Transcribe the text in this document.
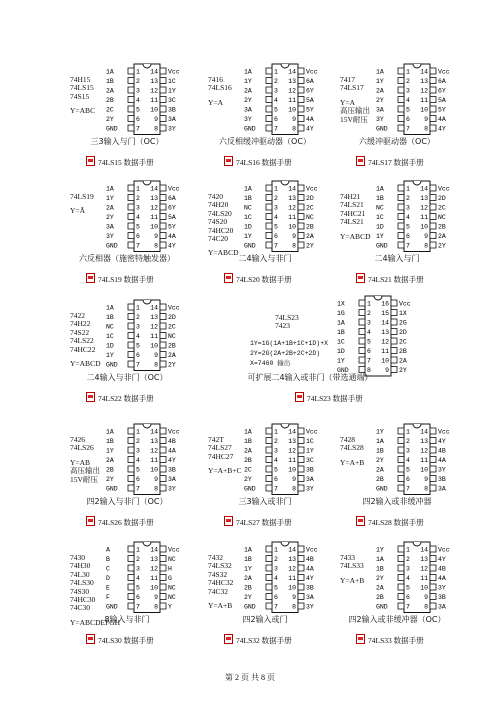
74H15
74LS15
74S15
Y=ABC
1A	1 14 Vcc
1B	2 13 1C
2A	3 12 1Y
2B	4 11 3C
2C	5 10 3B
2Y	6 9 3A
GND	7 8 3Y
三3输入与门（OC）
74LS15 数据手册
7416
74LS16
Y=A
1A	1 14 Vcc
1Y	2 13 6A
2A	3 12 6Y
2Y	4 11 5A
3A	5 10 5Y
3Y	6 9 4A
GND	7 8 4Y
六反相缓冲驱动器（OC）
74LS16 数据手册
7417
74LS17
Y=A
高压输出
15V耐压
1A	1 14 Vcc
1Y	2 13 6A
2A	3 12 6Y
2Y	4 11 5A
3A	5 10 5Y
3Y	6 9 4A
GND	7 8 4Y
六缓冲驱动器（OC）
74LS17 数据手册
74LS19
Y=Ā
1A	1 14 Vcc
1Y	2 13 6A
2A	3 12 6Y
2Y	4 11 5A
3A	5 10 5Y
3Y	6 9 4A
GND	7 8 4Y
六反相器（施密特触发器）
74LS19 数据手册
7420
74H20
74LS20
74S20
74HC20
74C20
Y=ABCD
1A	1 14 Vcc
1B	2 13 2D
NC	3 12 2C
1C	4 11 NC
1D	5 10 2B
1Y	6 9 2A
GND	7 8 2Y
二4输入与非门
74LS20 数据手册
74H21
74LS21
74HC21
74LS21
Y=ABCD
1A	1 14 Vcc
1B	2 13 2D
NC	3 12 2C
1C	4 11 NC
1D	5 10 2B
1Y	6 9 2A
GND	7 8 2Y
二4输入与门
74LS21 数据手册
7422
74H22
74S22
74LS22
74HC22
Y=ABCD
1A	1 14 Vcc
1B	2 13 2D
NC	3 12 2C
1C	4 11 NC
1D	5 10 2B
1Y	6 9 2A
GND	7 8 2Y
二4输入与非门（OC）
74LS22 数据手册
74LS23
7423
1X	1 16 Vcc
1G	2 15 1X
1A	3 14 2G
1B	4 13 2D
1C	5 12 2C
1D	6 11 2B
1Y	7 10 2A
GND	8 9 2Y
1Y=1G(1A+1B+1C+1D)+X
2Y=2G(2A+2B+2C+2D)
X=7460 输出
可扩展二4输入或非门（带选通端）
74LS23 数据手册
7426
74LS26
Y=AB
高压输出
15V耐压
1A	1 14 Vcc
1B	2 13 4B
1Y	3 12 4A
2A	4 11 4Y
2B	5 10 3B
2Y	6 9 3A
GND	7 8 3Y
四2输入与非门（OC）
74LS26 数据手册
742T
74LS27
74HC27
Y=A+B+C
1A	1 14 Vcc
1B	2 13 1C
2A	3 12 1Y
2B	4 11 3C
2C	5 10 3B
2Y	6 9 3A
GND	7 8 3Y
三3输入或非门
74LS27 数据手册
7428
74LS28
Y=A+B
1Y	1 14 Vcc
1A	2 13 4Y
1B	3 12 4B
2Y	4 11 4A
2A	5 10 3Y
2B	6 9 3B
GND	7 8 3A
四2输入或非缓冲器
74LS28 数据手册
7430
74H30
74L30
74LS30
74S30
74HC30
74C30
Y=ABCDEFGH
A	1 14 Vcc
B	2 13 NC
C	3 12 H
D	4 11 G
E	5 10 NC
F	6 9 NC
GND	7 8 Y
8输入与非门
74LS30 数据手册
7432
74LS32
74S32
74HC32
74C32
Y=A+B
1A	1 14 Vcc
1B	2 13 4B
1Y	3 12 4A
2A	4 11 4Y
2B	5 10 3B
2Y	6 9 3A
GND	7 8 3Y
四2输入或门
74LS32 数据手册
7433
74LS33
Y=A+B
1Y	1 14 Vcc
1A	2 13 4Y
1B	3 12 4B
2Y	4 11 4A
2A	5 10 3Y
2B	6 9 3B
GND	7 8 3A
四2输入或非缓冲器（OC）
74LS33 数据手册
第 2 页 共 8 页
